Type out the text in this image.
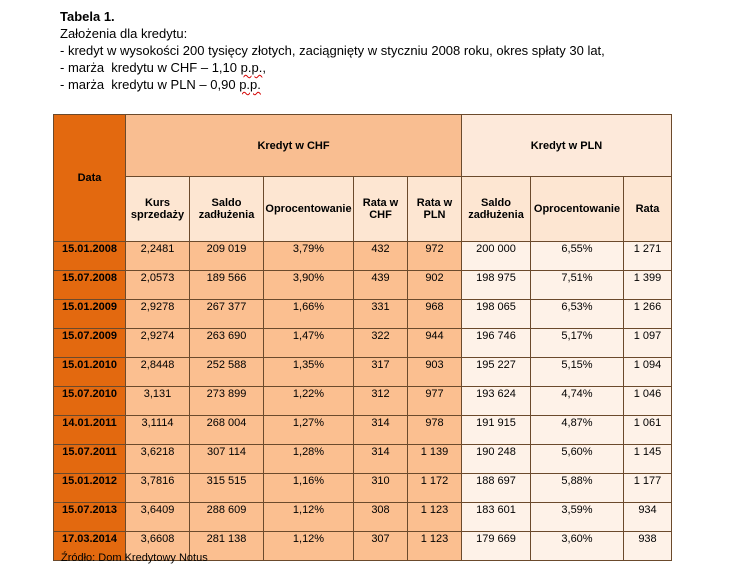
Tabela 1.
Założenia dla kredytu:
- kredyt w wysokości 200 tysięcy złotych, zaciągnięty w styczniu 2008 roku, okres spłaty 30 lat,
- marża  kredytu w CHF – 1,10 p.p.,
- marża  kredytu w PLN – 0,90 p.p.
Data	Kredyt w CHF					Kredyt w PLN		
	Kurs sprzedaży	Saldo zadłużenia	Oprocentowanie	Rata w CHF	Rata w PLN	Saldo zadłużenia	Oprocentowanie	Rata
15.01.2008	2,2481	209 019	3,79%	432	972	200 000	6,55%	1 271
15.07.2008	2,0573	189 566	3,90%	439	902	198 975	7,51%	1 399
15.01.2009	2,9278	267 377	1,66%	331	968	198 065	6,53%	1 266
15.07.2009	2,9274	263 690	1,47%	322	944	196 746	5,17%	1 097
15.01.2010	2,8448	252 588	1,35%	317	903	195 227	5,15%	1 094
15.07.2010	3,131	273 899	1,22%	312	977	193 624	4,74%	1 046
14.01.2011	3,1114	268 004	1,27%	314	978	191 915	4,87%	1 061
15.07.2011	3,6218	307 114	1,28%	314	1 139	190 248	5,60%	1 145
15.01.2012	3,7816	315 515	1,16%	310	1 172	188 697	5,88%	1 177
15.07.2013	3,6409	288 609	1,12%	308	1 123	183 601	3,59%	934
17.03.2014	3,6608	281 138	1,12%	307	1 123	179 669	3,60%	938
Źródło: Dom Kredytowy Notus
